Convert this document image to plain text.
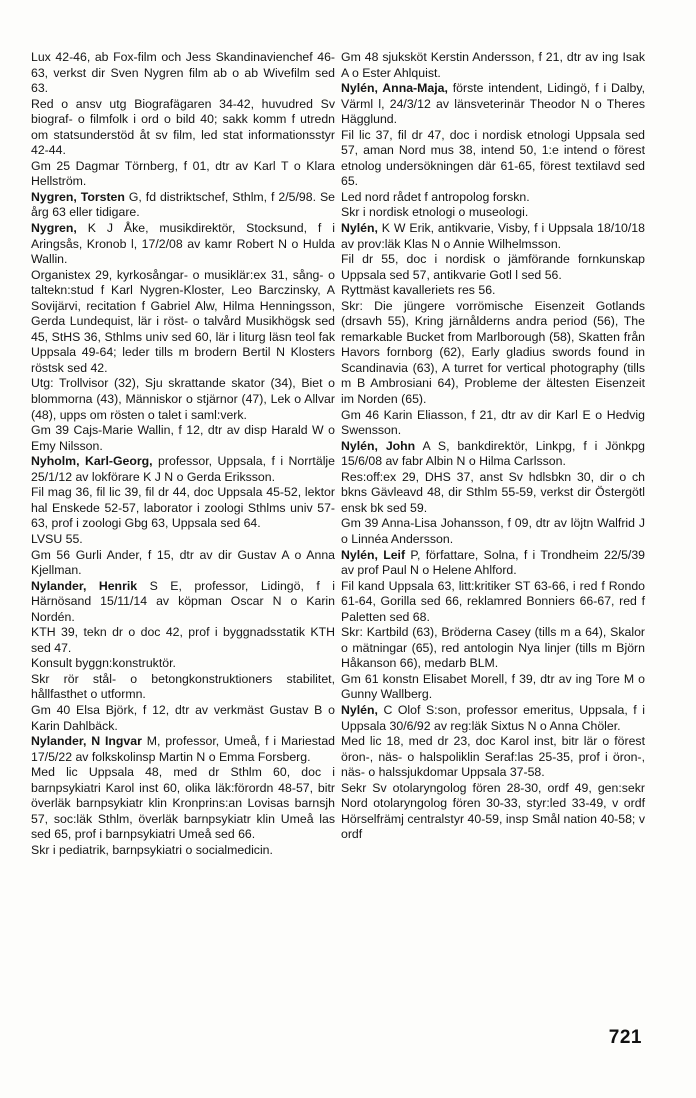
Lux 42-46, ab Fox-film och Jess Skandinavienchef 46-63, verkst dir Sven Nygren film ab o ab Wivefilm sed 63.

Red o ansv utg Biografägaren 34-42, huvudred Sv biograf- o filmfolk i ord o bild 40; sakk komm f utredn om statsunderstöd åt sv film, led stat informationsstyr 42-44.

Gm 25 Dagmar Törnberg, f 01, dtr av Karl T o Klara Hellström.

Nygren, Torsten G, fd distriktschef, Sthlm, f 2/5/98. Se årg 63 eller tidigare.

Nygren, K J Åke, musikdirektör, Stocksund, f i Aringsås, Kronob l, 17/2/08 av kamr Robert N o Hulda Wallin.

Organistex 29, kyrkosångar- o musiklär:ex 31, sång- o taltekn:stud f Karl Nygren-Kloster, Leo Barczinsky, A Sovijärvi, recitation f Gabriel Alw, Hilma Henningsson, Gerda Lundequist, lär i röst- o talvård Musikhögsk sed 45, StHS 36, Sthlms univ sed 60, lär i liturg läsn teol fak Uppsala 49-64; leder tills m brodern Bertil N Klosters röstsk sed 42.

Utg: Trollvisor (32), Sju skrattande skator (34), Biet o blommorna (43), Människor o stjärnor (47), Lek o Allvar (48), upps om rösten o talet i saml:verk.

Gm 39 Cajs-Marie Wallin, f 12, dtr av disp Harald W o Emy Nilsson.

Nyholm, Karl-Georg, professor, Uppsala, f i Norrtälje 25/1/12 av lokförare K J N o Gerda Eriksson.

Fil mag 36, fil lic 39, fil dr 44, doc Uppsala 45-52, lektor hal Enskede 52-57, laborator i zoologi Sthlms univ 57-63, prof i zoologi Gbg 63, Uppsala sed 64.

LVSU 55.

Gm 56 Gurli Ander, f 15, dtr av dir Gustav A o Anna Kjellman.

Nylander, Henrik S E, professor, Lidingö, f i Härnösand 15/11/14 av köpman Oscar N o Karin Nordén.

KTH 39, tekn dr o doc 42, prof i byggnadsstatik KTH sed 47.

Konsult byggn:konstruktör.

Skr rör stål- o betongkonstruktioners stabilitet, hållfasthet o utformn.

Gm 40 Elsa Björk, f 12, dtr av verkmäst Gustav B o Karin Dahlbäck.

Nylander, N Ingvar M, professor, Umeå, f i Mariestad 17/5/22 av folkskolinsp Martin N o Emma Forsberg.

Med lic Uppsala 48, med dr Sthlm 60, doc i barnpsykiatri Karol inst 60, olika läk:förordn 48-57, bitr överläk barnpsykiatr klin Kronprins:an Lovisas barnsjh 57, soc:läk Sthlm, överläk barnpsykiatr klin Umeå las sed 65, prof i barnpsykiatri Umeå sed 66.

Skr i pediatrik, barnpsykiatri o socialmedicin.

Gm 48 sjuksköt Kerstin Andersson, f 21, dtr av ing Isak A o Ester Ahlquist.

Nylén, Anna-Maja, förste intendent, Lidingö, f i Dalby, Värml l, 24/3/12 av länsveterinär Theodor N o Theres Hägglund.

Fil lic 37, fil dr 47, doc i nordisk etnologi Uppsala sed 57, aman Nord mus 38, intend 50, 1:e intend o förest etnolog undersökningen där 61-65, förest textilavd sed 65.

Led nord rådet f antropolog forskn.

Skr i nordisk etnologi o museologi.

Nylén, K W Erik, antikvarie, Visby, f i Uppsala 18/10/18 av prov:läk Klas N o Annie Wilhelmsson.

Fil dr 55, doc i nordisk o jämförande fornkunskap Uppsala sed 57, antikvarie Gotl l sed 56.

Ryttmäst kavalleriets res 56.

Skr: Die jüngere vorrömische Eisenzeit Gotlands (drsavh 55), Kring järnålderns andra period (56), The remarkable Bucket from Marlborough (58), Skatten från Havors fornborg (62), Early gladius swords found in Scandinavia (63), A turret for vertical photography (tills m B Ambrosiani 64), Probleme der ältesten Eisenzeit im Norden (65).

Gm 46 Karin Eliasson, f 21, dtr av dir Karl E o Hedvig Swensson.

Nylén, John A S, bankdirektör, Linkpg, f i Jönkpg 15/6/08 av fabr Albin N o Hilma Carlsson.

Res:off:ex 29, DHS 37, anst Sv hdlsbkn 30, dir o ch bkns Gävleavd 48, dir Sthlm 55-59, verkst dir Östergötl ensk bk sed 59.

Gm 39 Anna-Lisa Johansson, f 09, dtr av löjtn Walfrid J o Linnéa Andersson.

Nylén, Leif P, författare, Solna, f i Trondheim 22/5/39 av prof Paul N o Helene Ahlford.

Fil kand Uppsala 63, litt:kritiker ST 63-66, i red f Rondo 61-64, Gorilla sed 66, reklamred Bonniers 66-67, red f Paletten sed 68.

Skr: Kartbild (63), Bröderna Casey (tills m a 64), Skalor o mätningar (65), red antologin Nya linjer (tills m Björn Håkanson 66), medarb BLM.

Gm 61 konstn Elisabet Morell, f 39, dtr av ing Tore M o Gunny Wallberg.

Nylén, C Olof S:son, professor emeritus, Uppsala, f i Uppsala 30/6/92 av reg:läk Sixtus N o Anna Chöler.

Med lic 18, med dr 23, doc Karol inst, bitr lär o förest öron-, näs- o halspoliklin Seraf:las 25-35, prof i öron-, näs- o halssjukdomar Uppsala 37-58.

Sekr Sv otolaryngolog fören 28-30, ordf 49, gen:sekr Nord otolaryngolog fören 30-33, styr:led 33-49, v ordf Hörselfrämj centralstyr 40-59, insp Smål nation 40-58; v ordf

721
